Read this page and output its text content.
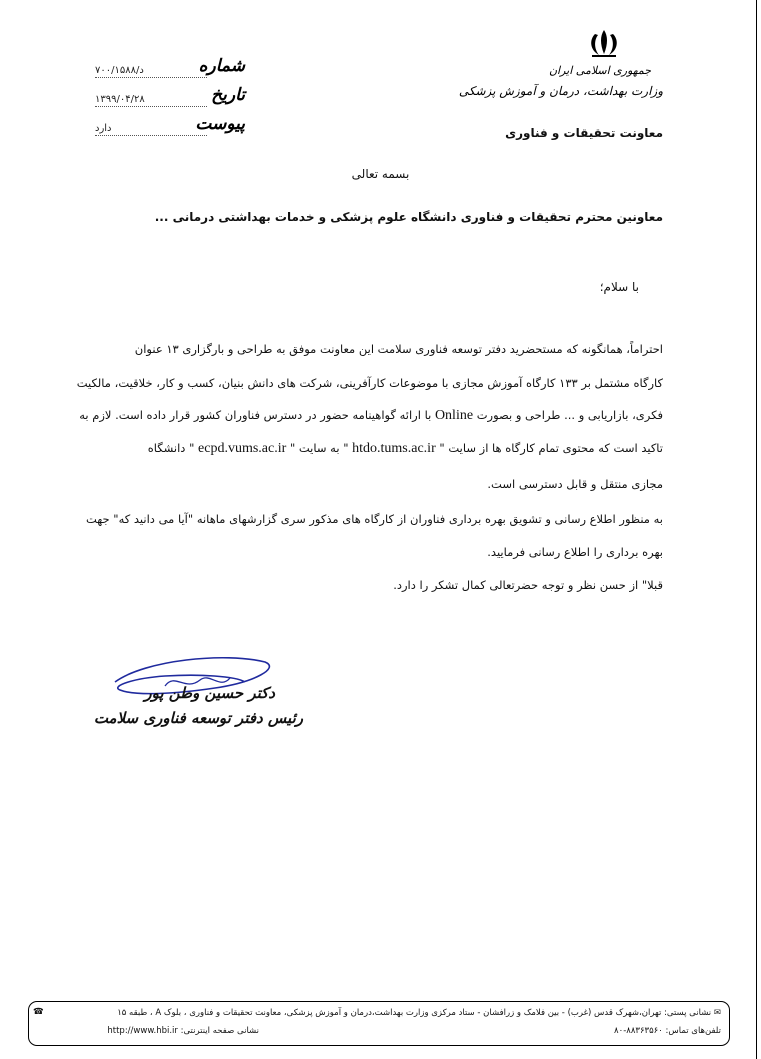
شماره
د/۷۰۰/۱۵۸۸
تاریخ
۱۳۹۹/۰۴/۲۸
پیوست
دارد
جمهوری اسلامی ایران
وزارت بهداشت، درمان و آموزش پزشکی
معاونت تحقیقات و فناوری
بسمه تعالی
معاونین محترم تحقیقات و فناوری دانشگاه علوم پزشکی و خدمات بهداشتی درمانی ...
با سلام؛
احتراماً، همانگونه که مستحضرید دفتر توسعه فناوری سلامت این معاونت موفق به طراحی و بارگزاری ۱۳ عنوان
کارگاه مشتمل بر ۱۳۳ کارگاه آموزش مجازی با موضوعات کارآفرینی، شرکت های دانش بنیان، کسب و کار، خلاقیت، مالکیت
فکری، بازاریابی و ... طراحی و بصورت Online با ارائه گواهینامه حضور در دسترس فناوران کشور قرار داده است. لازم به
تاکید است که محتوی تمام کارگاه ها از سایت " htdo.tums.ac.ir " به سایت " ecpd.vums.ac.ir " دانشگاه
مجازی منتقل و قابل دسترسی است.
به منظور اطلاع رسانی و تشویق بهره برداری فناوران از کارگاه های مذکور سری گزارشهای ماهانه "آیا می دانید که" جهت
بهره برداری را اطلاع رسانی فرمایید.
قبلا" از حسن نظر و توجه حضرتعالی کمال تشکر را دارد.
دکتر حسین وطن پور
رئیس دفتر توسعه فناوری سلامت
✉ نشانی پستی: تهران،شهرک قدس (غرب) - بین فلامک و زرافشان - ستاد مرکزی وزارت بهداشت،درمان و آموزش پزشکی، معاونت تحقیقات و فناوری ، بلوک A ، طبقه ۱۵
☎
تلفن‌های تماس: ۸۸۳۶۳۵۶۰-۸۰
نشانی صفحه اینترنتی: http://www.hbi.ir
